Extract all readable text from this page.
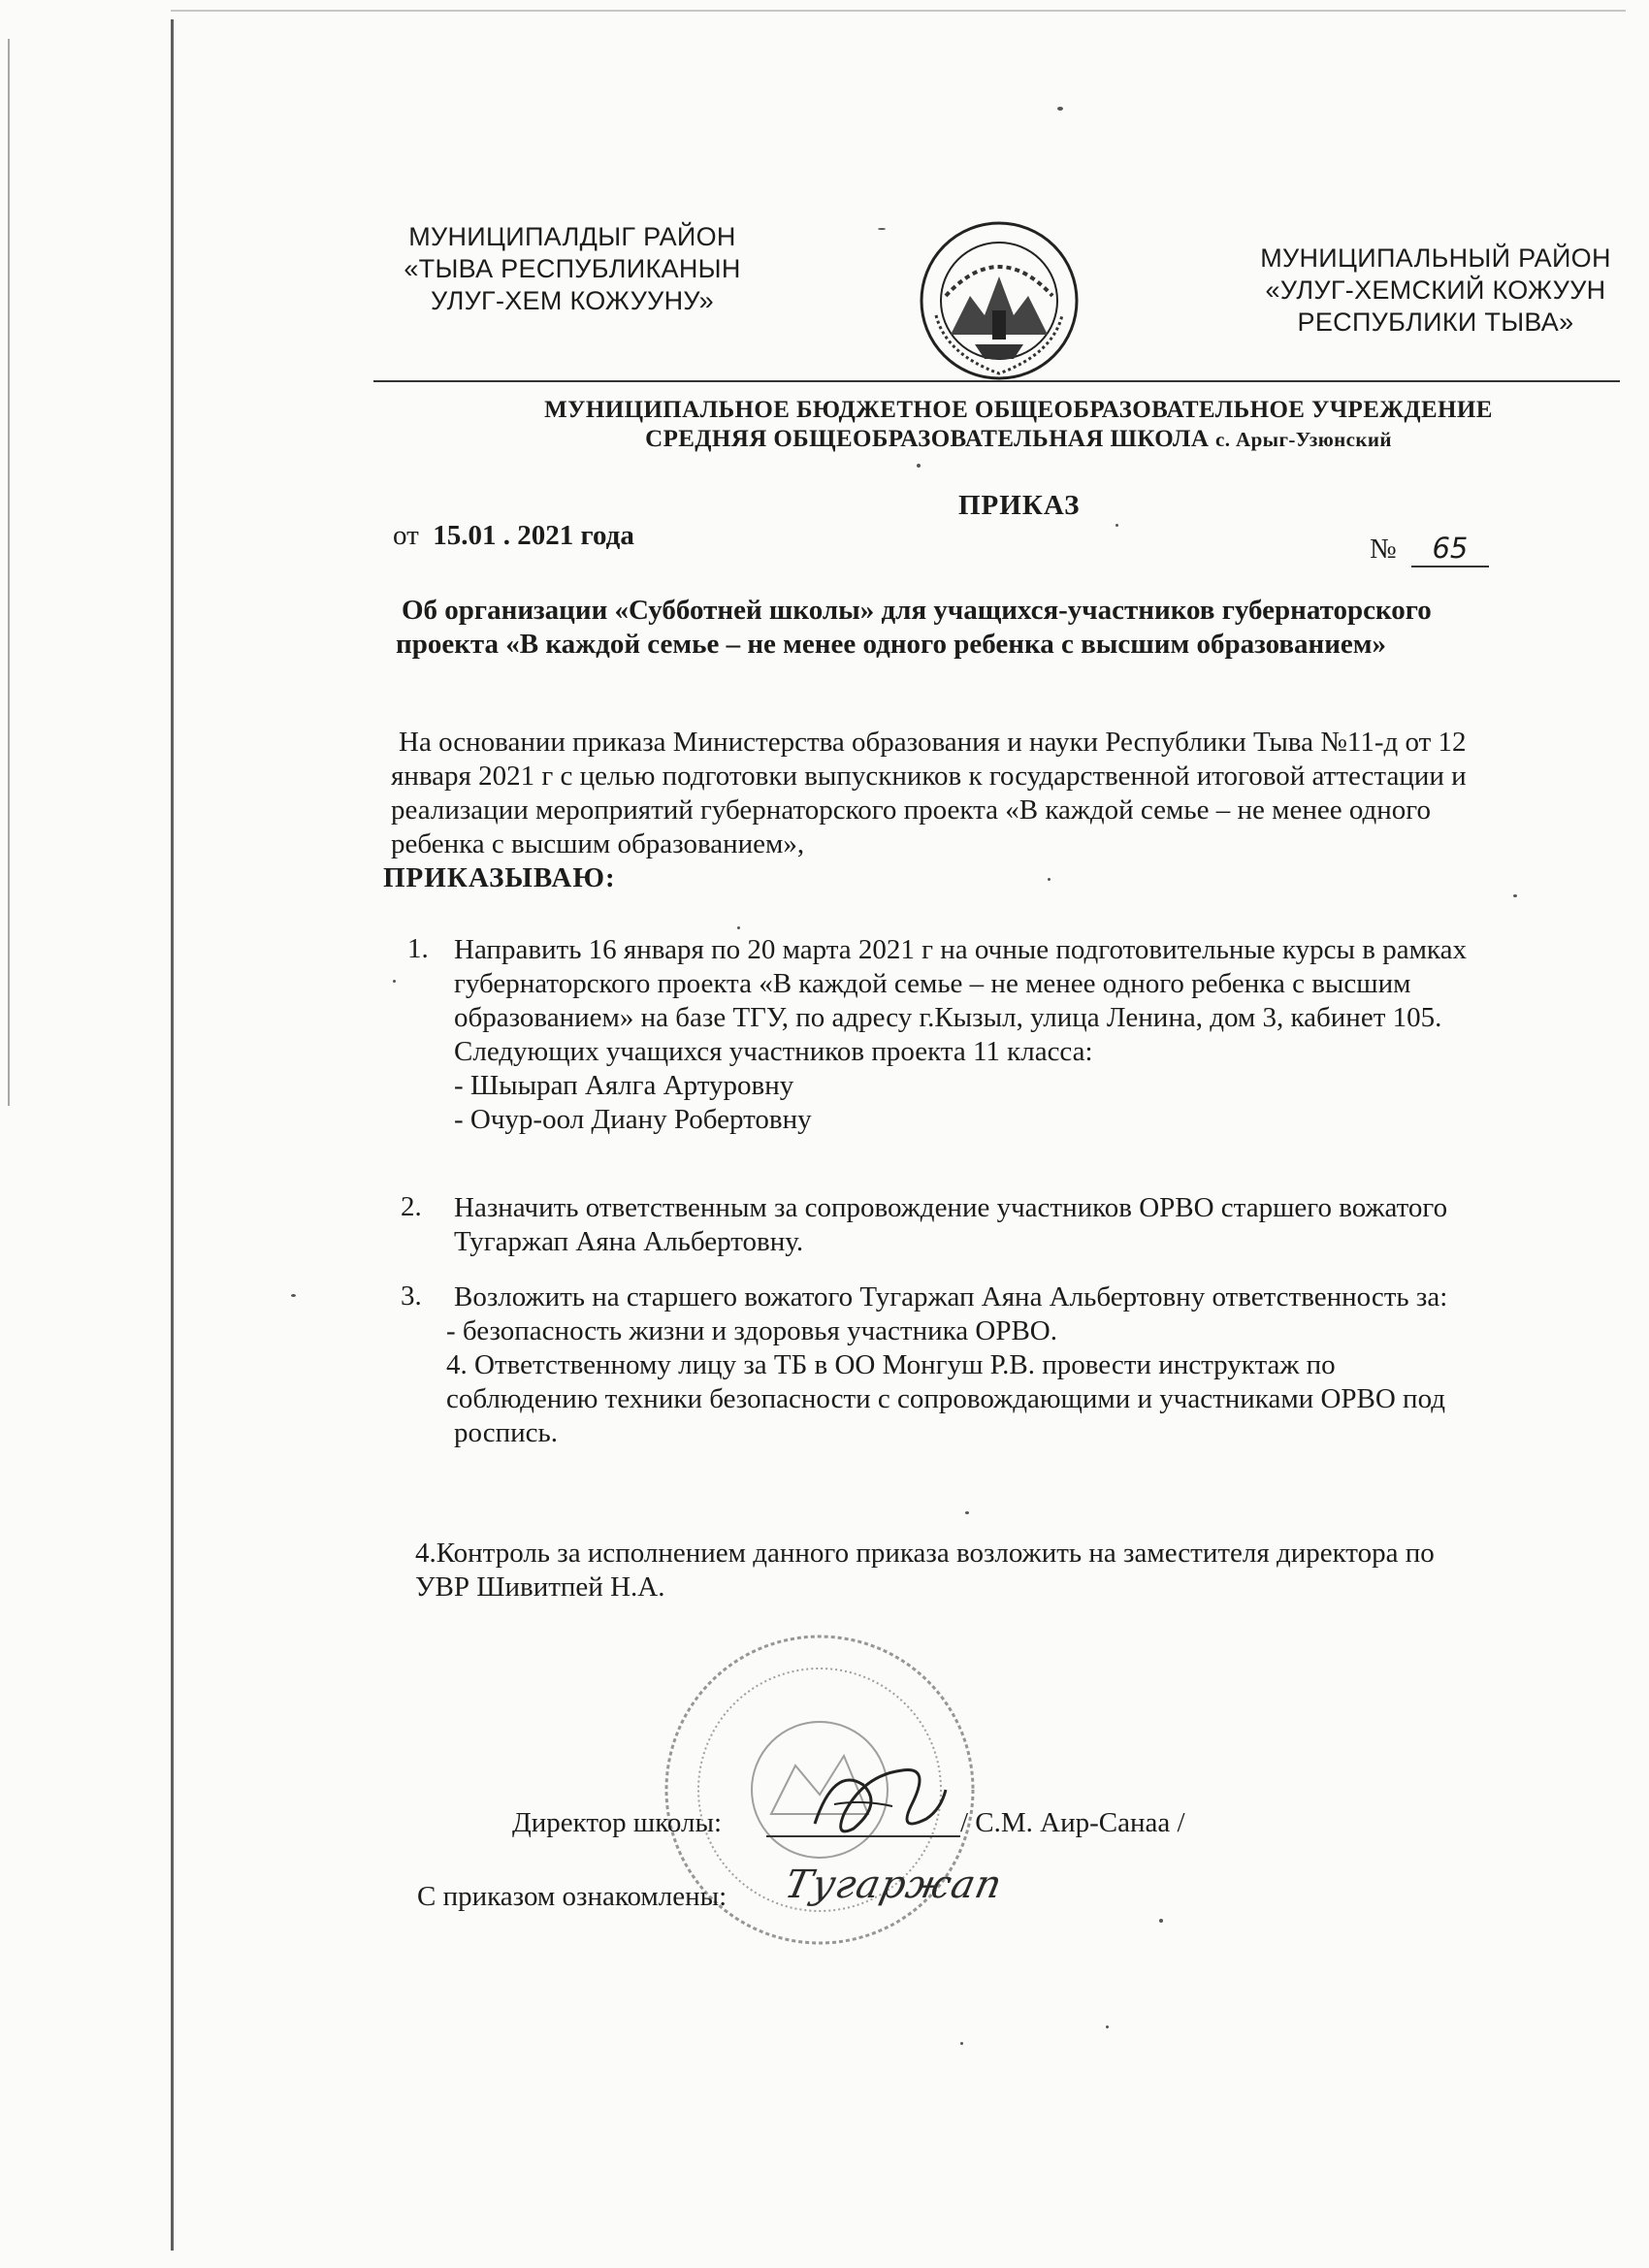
МУНИЦИПАЛДЫГ РАЙОН
«ТЫВА РЕСПУБЛИКАНЫН
УЛУГ-ХЕМ КОЖУУНУ»
МУНИЦИПАЛЬНЫЙ РАЙОН
«УЛУГ-ХЕМСКИЙ КОЖУУН
РЕСПУБЛИКИ ТЫВА»
МУНИЦИПАЛЬНОЕ БЮДЖЕТНОЕ ОБЩЕОБРАЗОВАТЕЛЬНОЕ УЧРЕЖДЕНИЕ
СРЕДНЯЯ ОБЩЕОБРАЗОВАТЕЛЬНАЯ ШКОЛА с. Арыг-Узюнский
ПРИКАЗ
от 15.01 . 2021 года	№ 65
Об организации «Субботней школы» для учащихся-участников губернаторского
проекта «В каждой семье – не менее одного ребенка с высшим образованием»
На основании приказа Министерства образования и науки Республики Тыва №11-д от 12
января 2021 г с целью подготовки выпускников к государственной итоговой аттестации и
реализации мероприятий губернаторского проекта «В каждой семье – не менее одного
ребенка с высшим образованием»,
ПРИКАЗЫВАЮ:
1. Направить 16 января по 20 марта 2021 г на очные подготовительные курсы в рамках
губернаторского проекта «В каждой семье – не менее одного ребенка с высшим
образованием» на базе ТГУ, по адресу г.Кызыл, улица Ленина, дом 3, кабинет 105.
Следующих учащихся участников проекта 11 класса:
- Шыырап Аялга Артуровну
- Очур-оол Диану Робертовну
2. Назначить ответственным за сопровождение участников ОРВО старшего вожатого
Тугаржап Аяна Альбертовну.
3. Возложить на старшего вожатого Тугаржап Аяна Альбертовну ответственность за:
- безопасность жизни и здоровья участника ОРВО.
4. Ответственному лицу за ТБ в ОО Монгуш Р.В. провести инструктаж по
соблюдению техники безопасности с сопровождающими и участниками ОРВО под
роспись.
4.Контроль за исполнением данного приказа возложить на заместителя директора по
УВР Шивитпей Н.А.
Директор школы:	/ С.М. Аир-Санаа /
С приказом ознакомлены: Тугаржап
